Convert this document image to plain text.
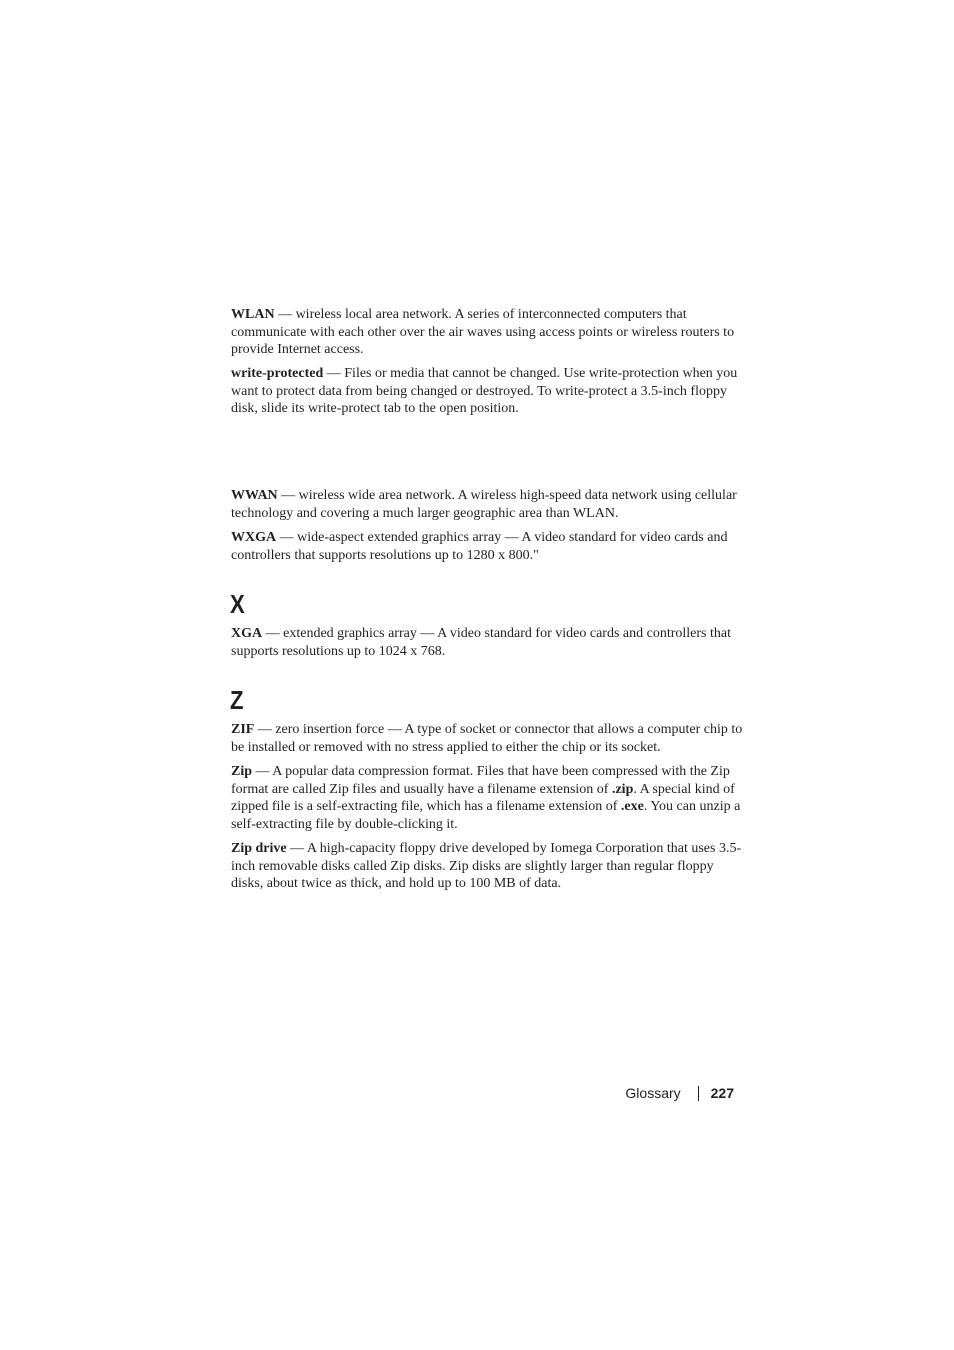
WLAN — wireless local area network. A series of interconnected computers that communicate with each other over the air waves using access points or wireless routers to provide Internet access.

write-protected — Files or media that cannot be changed. Use write-protection when you want to protect data from being changed or destroyed. To write-protect a 3.5-inch floppy disk, slide its write-protect tab to the open position.

WWAN — wireless wide area network. A wireless high-speed data network using cellular technology and covering a much larger geographic area than WLAN.

WXGA — wide-aspect extended graphics array — A video standard for video cards and controllers that supports resolutions up to 1280 x 800."

X

XGA — extended graphics array — A video standard for video cards and controllers that supports resolutions up to 1024 x 768.

Z

ZIF — zero insertion force — A type of socket or connector that allows a computer chip to be installed or removed with no stress applied to either the chip or its socket.

Zip — A popular data compression format. Files that have been compressed with the Zip format are called Zip files and usually have a filename extension of .zip. A special kind of zipped file is a self-extracting file, which has a filename extension of .exe. You can unzip a self-extracting file by double-clicking it.

Zip drive — A high-capacity floppy drive developed by Iomega Corporation that uses 3.5-inch removable disks called Zip disks. Zip disks are slightly larger than regular floppy disks, about twice as thick, and hold up to 100 MB of data.

Glossary 227
